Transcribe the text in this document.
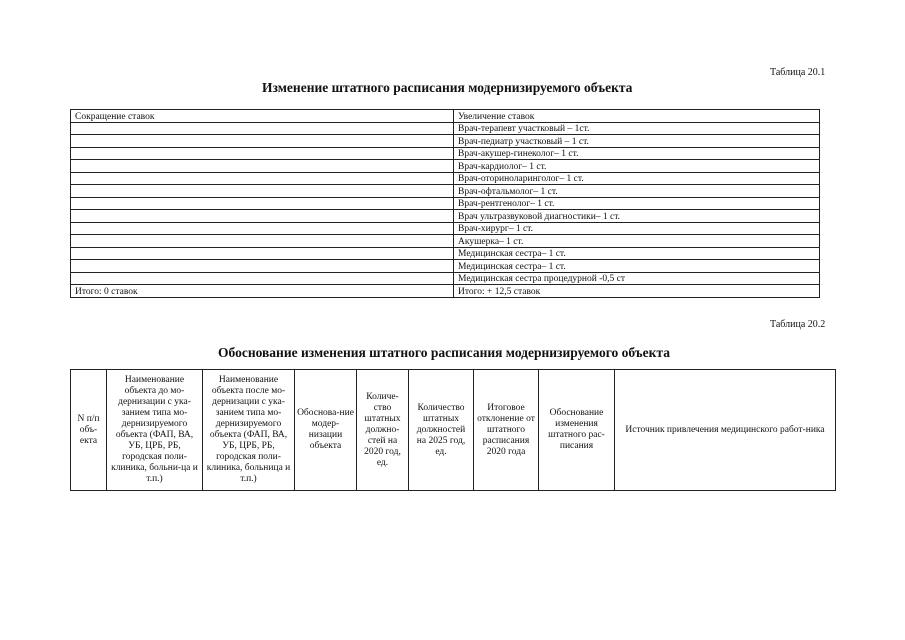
Таблица 20.1
Изменение штатного расписания модернизируемого объекта
Сокращение ставок	Увеличение ставок
	Врач-терапевт участковый – 1ст.
	Врач-педиатр участковый – 1 ст.
	Врач-акушер-гинеколог– 1 ст.
	Врач-кардиолог– 1 ст.
	Врач-оториноларинголог– 1 ст.
	Врач-офтальмолог– 1 ст.
	Врач-рентгенолог– 1 ст.
	Врач ультразвуковой диагностики– 1 ст.
	Врач-хирург– 1 ст.
	Акушерка– 1 ст.
	Медицинская сестра– 1 ст.
	Медицинская сестра– 1 ст.
	Медицинская сестра процедурной -0,5 ст
Итого: 0 ставок	Итого: + 12,5 ставок
Таблица 20.2
Обоснование изменения штатного расписания модернизируемого объекта
N п/п объ-екта	Наименование объекта до мо-дернизации с ука-занием типа мо-дернизируемого объекта (ФАП, ВА, УБ, ЦРБ, РБ, городская поли-клиника, больни-ца и т.п.)	Наименование объекта после мо-дернизации с ука-занием типа мо-дернизируемого объекта (ФАП, ВА, УБ, ЦРБ, РБ, городская поли-клиника, больница и т.п.)	Обоснова-ние модер-низации объекта	Количе-ство штатных должно-стей на 2020 год, ед.	Количество штатных должностей на 2025 год, ед.	Итоговое отклонение от штатного расписания 2020 года	Обоснование изменения штатного рас-писания	Источник привлечения медицинского работ-ника
